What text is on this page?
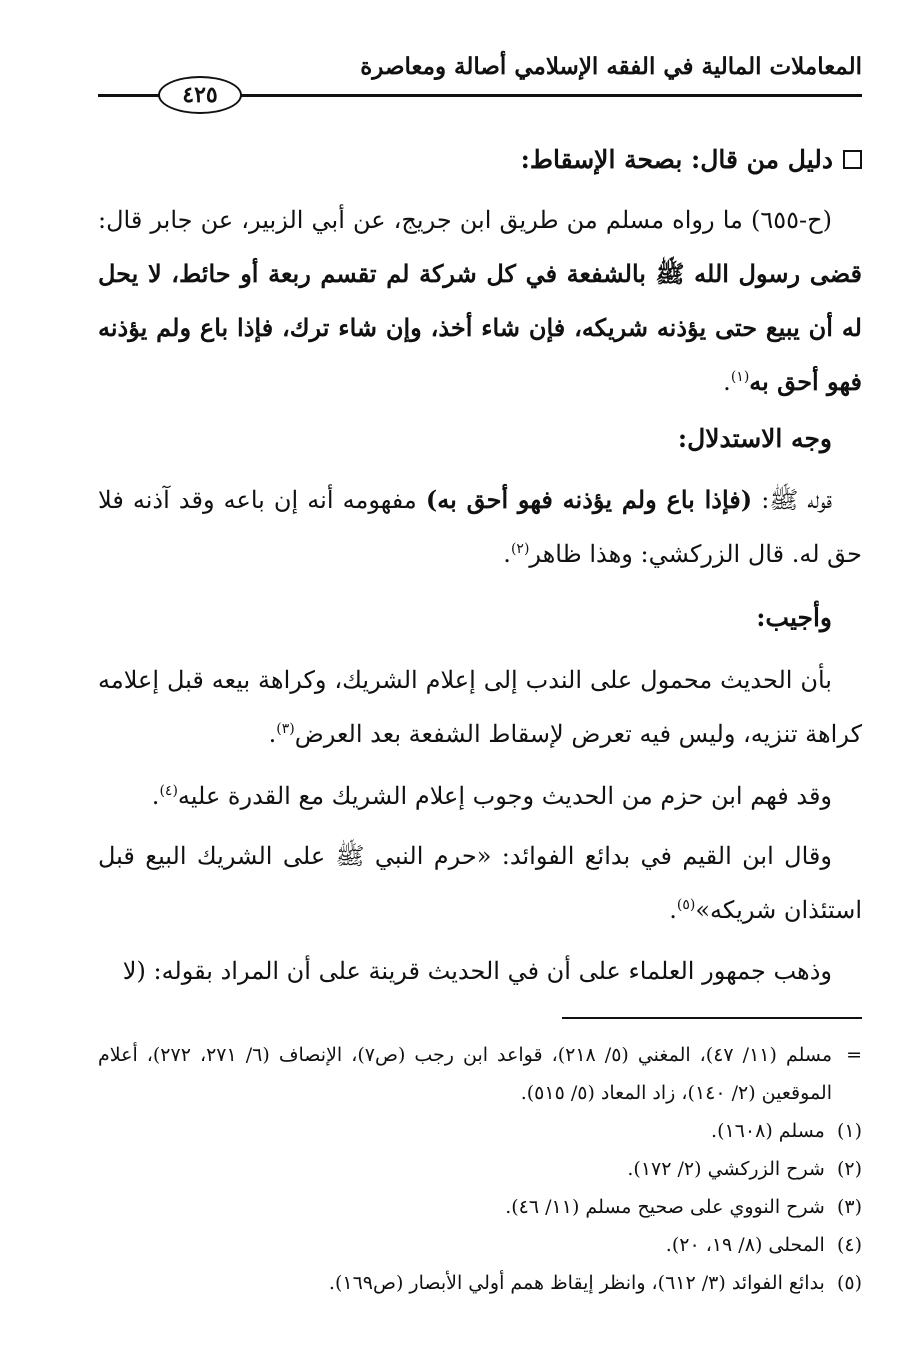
المعاملات المالية في الفقه الإسلامي أصالة ومعاصرة
٤٢٥
دليل من قال: بصحة الإسقاط:
(ح-٦٥٥) ما رواه مسلم من طريق ابن جريج، عن أبي الزبير، عن جابر قال: قضى رسول الله ﷺ بالشفعة في كل شركة لم تقسم ربعة أو حائط، لا يحل له أن يبيع حتى يؤذنه شريكه، فإن شاء أخذ، وإن شاء ترك، فإذا باع ولم يؤذنه فهو أحق به$^{(١)}$.
وجه الاستدلال:
قوله ﷺ: (فإذا باع ولم يؤذنه فهو أحق به) مفهومه أنه إن باعه وقد آذنه فلا حق له. قال الزركشي: وهذا ظاهر$^{(٢)}$.
وأجيب:
بأن الحديث محمول على الندب إلى إعلام الشريك، وكراهة بيعه قبل إعلامه كراهة تنزيه، وليس فيه تعرض لإسقاط الشفعة بعد العرض$^{(٣)}$.
وقد فهم ابن حزم من الحديث وجوب إعلام الشريك مع القدرة عليه$^{(٤)}$.
وقال ابن القيم في بدائع الفوائد: «حرم النبي ﷺ على الشريك البيع قبل استئذان شريكه»$^{(٥)}$.
وذهب جمهور العلماء على أن في الحديث قرينة على أن المراد بقوله: (لا
=
مسلم (١١/ ٤٧)، المغني (٥/ ٢١٨)، قواعد ابن رجب (ص٧)، الإنصاف (٦/ ٢٧١، ٢٧٢)، أعلام الموقعين (٢/ ١٤٠)، زاد المعاد (٥/ ٥١٥).

(١)  مسلم (١٦٠٨).

(٢)  شرح الزركشي (٢/ ١٧٢).

(٣)  شرح النووي على صحيح مسلم (١١/ ٤٦).

(٤)  المحلى (٨/ ١٩، ٢٠).

(٥)  بدائع الفوائد (٣/ ٦١٢)، وانظر إيقاظ همم أولي الأبصار (ص١٦٩).
